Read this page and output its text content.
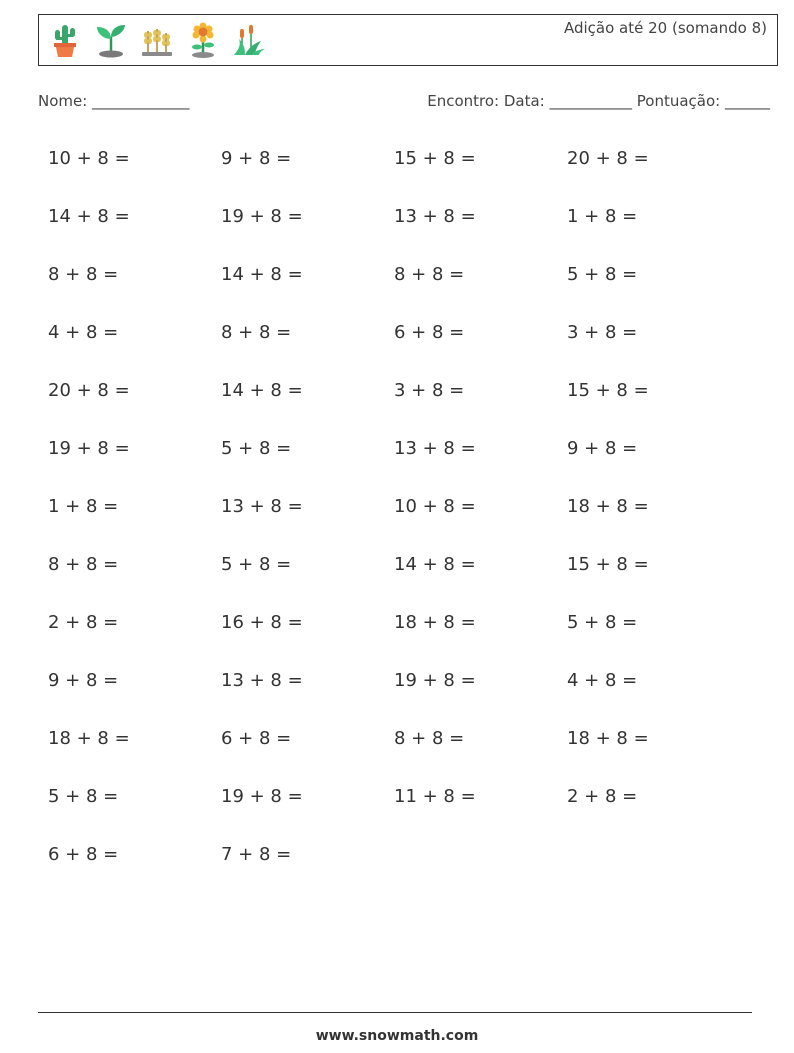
Adição até 20 (somando 8)
Nome: _____________	Encontro: Data: ___________ Pontuação: ______
10 + 8 =	9 + 8 =	15 + 8 =	20 + 8 =
14 + 8 =	19 + 8 =	13 + 8 =	1 + 8 =
8 + 8 =	14 + 8 =	8 + 8 =	5 + 8 =
4 + 8 =	8 + 8 =	6 + 8 =	3 + 8 =
20 + 8 =	14 + 8 =	3 + 8 =	15 + 8 =
19 + 8 =	5 + 8 =	13 + 8 =	9 + 8 =
1 + 8 =	13 + 8 =	10 + 8 =	18 + 8 =
8 + 8 =	5 + 8 =	14 + 8 =	15 + 8 =
2 + 8 =	16 + 8 =	18 + 8 =	5 + 8 =
9 + 8 =	13 + 8 =	19 + 8 =	4 + 8 =
18 + 8 =	6 + 8 =	8 + 8 =	18 + 8 =
5 + 8 =	19 + 8 =	11 + 8 =	2 + 8 =
6 + 8 =	7 + 8 =
www.snowmath.com
